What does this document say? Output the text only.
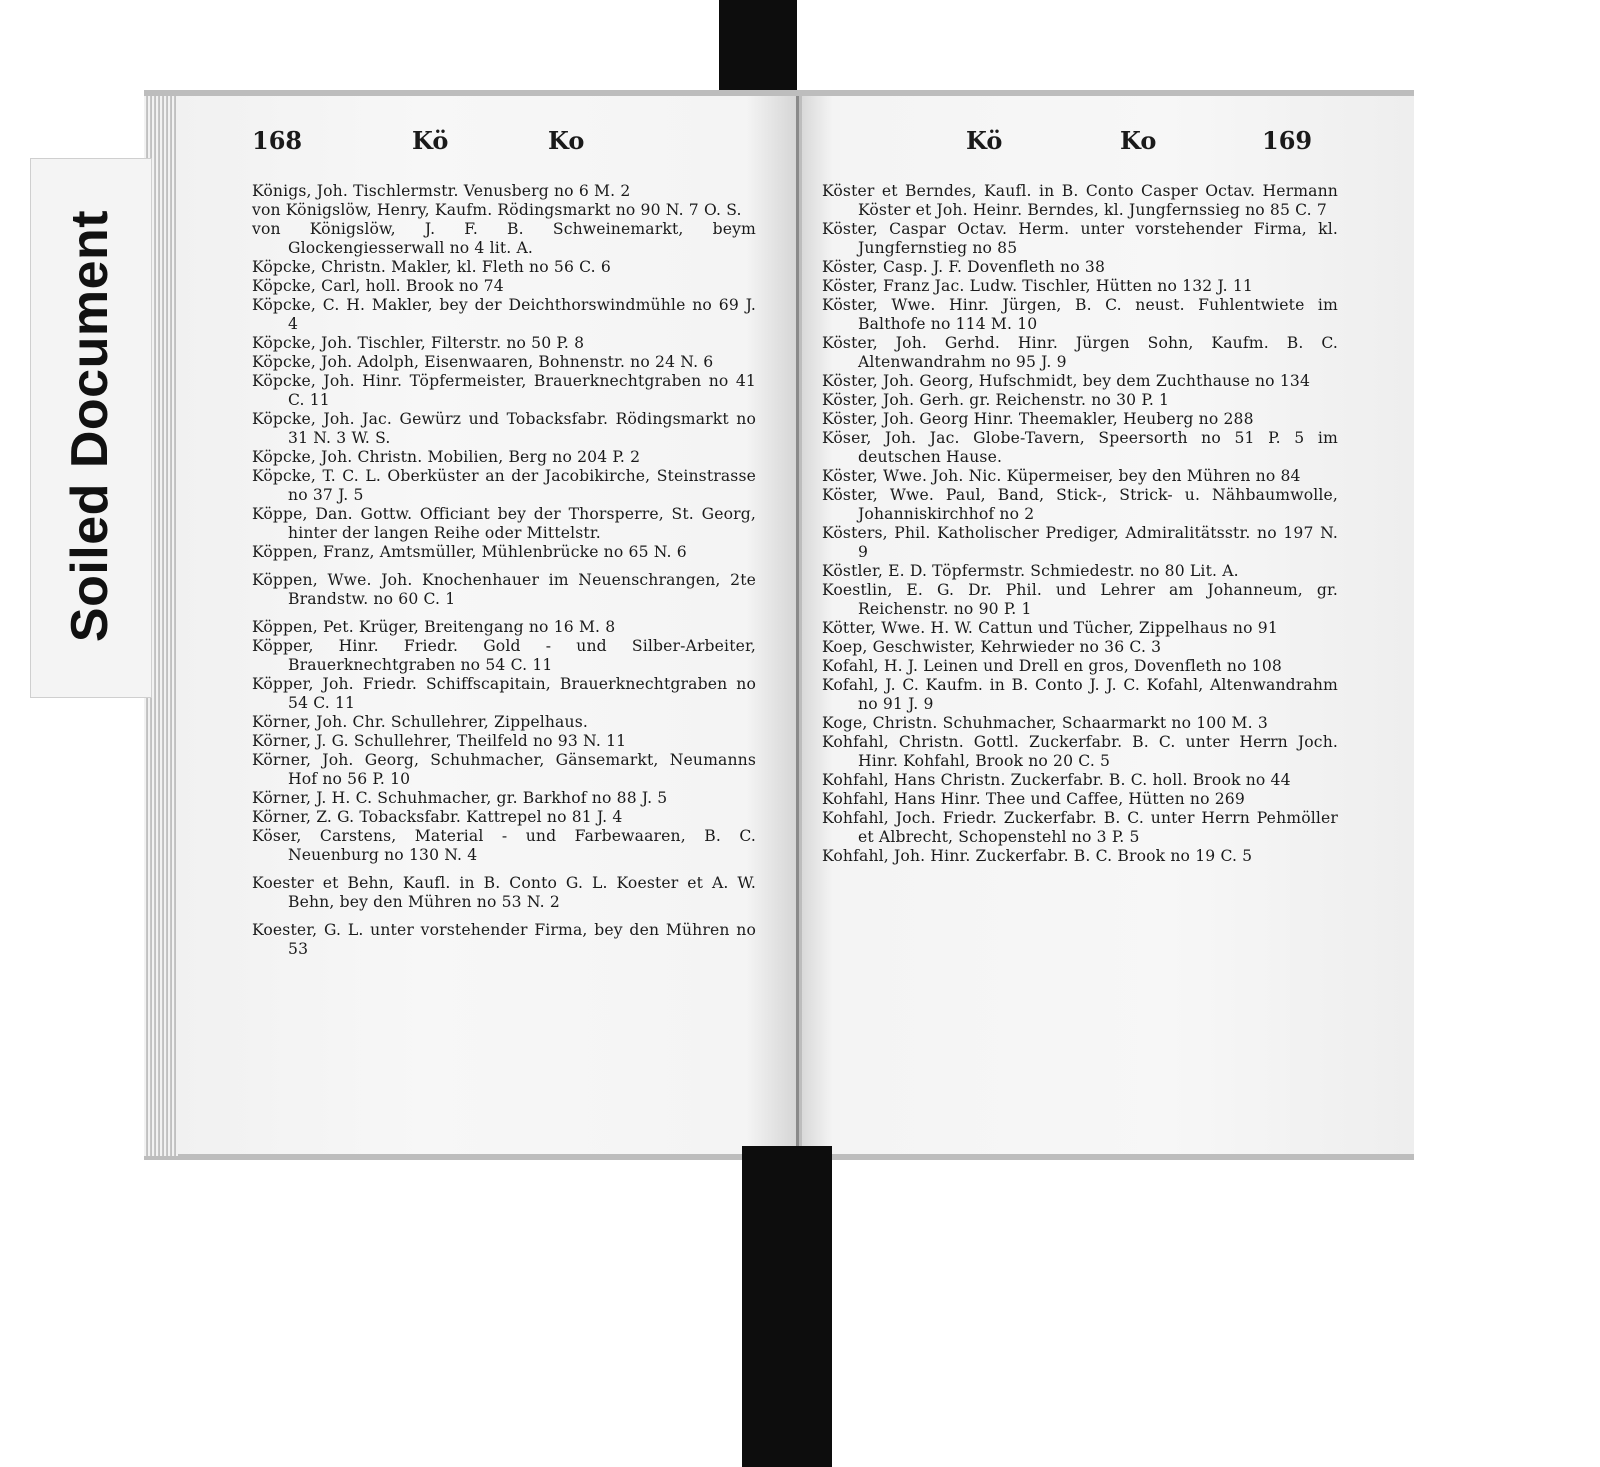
168	Kö	Ko

Königs, Joh. Tischlermstr. Venusberg no 6 M. 2

von Königslöw, Henry, Kaufm. Rödingsmarkt no 90 N. 7 O. S.

von Königslöw, J. F. B. Schweinemarkt, beym Glockengiesserwall no 4 lit. A.

Köpcke, Christn. Makler, kl. Fleth no 56 C. 6

Köpcke, Carl, holl. Brook no 74

Köpcke, C. H. Makler, bey der Deichthorswindmühle no 69 J. 4

Köpcke, Joh. Tischler, Filterstr. no 50 P. 8

Köpcke, Joh. Adolph, Eisenwaaren, Bohnenstr. no 24 N. 6

Köpcke, Joh. Hinr. Töpfermeister, Brauerknechtgraben no 41 C. 11

Köpcke, Joh. Jac. Gewürz und Tobacksfabr. Rödingsmarkt no 31 N. 3 W. S.

Köpcke, Joh. Christn. Mobilien, Berg no 204 P. 2

Köpcke, T. C. L. Oberküster an der Jacobikirche, Steinstrasse no 37 J. 5

Köppe, Dan. Gottw. Officiant bey der Thorsperre, St. Georg, hinter der langen Reihe oder Mittelstr.

Köppen, Franz, Amtsmüller, Mühlenbrücke no 65 N. 6

Köppen, Wwe. Joh. Knochenhauer im Neuenschrangen, 2te Brandstw. no 60 C. 1

Köppen, Pet. Krüger, Breitengang no 16 M. 8

Köpper, Hinr. Friedr. Gold - und Silber-Arbeiter, Brauerknechtgraben no 54 C. 11

Köpper, Joh. Friedr. Schiffscapitain, Brauerknechtgraben no 54 C. 11

Körner, Joh. Chr. Schullehrer, Zippelhaus.

Körner, J. G. Schullehrer, Theilfeld no 93 N. 11

Körner, Joh. Georg, Schuhmacher, Gänsemarkt, Neumanns Hof no 56 P. 10

Körner, J. H. C. Schuhmacher, gr. Barkhof no 88 J. 5

Körner, Z. G. Tobacksfabr. Kattrepel no 81 J. 4

Köser, Carstens, Material - und Farbewaaren, B. C. Neuenburg no 130 N. 4

Koester et Behn, Kaufl. in B. Conto G. L. Koester et A. W. Behn, bey den Mühren no 53 N. 2

Koester, G. L. unter vorstehender Firma, bey den Mühren no 53

Kö	Ko	169

Köster et Berndes, Kaufl. in B. Conto Casper Octav. Hermann Köster et Joh. Heinr. Berndes, kl. Jungfernssieg no 85 C. 7

Köster, Caspar Octav. Herm. unter vorstehender Firma, kl. Jungfernstieg no 85

Köster, Casp. J. F. Dovenfleth no 38

Köster, Franz Jac. Ludw. Tischler, Hütten no 132 J. 11

Köster, Wwe. Hinr. Jürgen, B. C. neust. Fuhlentwiete im Balthofe no 114 M. 10

Köster, Joh. Gerhd. Hinr. Jürgen Sohn, Kaufm. B. C. Altenwandrahm no 95 J. 9

Köster, Joh. Georg, Hufschmidt, bey dem Zuchthause no 134

Köster, Joh. Gerh. gr. Reichenstr. no 30 P. 1

Köster, Joh. Georg Hinr. Theemakler, Heuberg no 288

Köser, Joh. Jac. Globe-Tavern, Speersorth no 51 P. 5 im deutschen Hause.

Köster, Wwe. Joh. Nic. Küpermeiser, bey den Mühren no 84

Köster, Wwe. Paul, Band, Stick-, Strick- u. Nähbaumwolle, Johanniskirchhof no 2

Kösters, Phil. Katholischer Prediger, Admiralitätsstr. no 197 N. 9

Köstler, E. D. Töpfermstr. Schmiedestr. no 80 Lit. A.

Koestlin, E. G. Dr. Phil. und Lehrer am Johanneum, gr. Reichenstr. no 90 P. 1

Kötter, Wwe. H. W. Cattun und Tücher, Zippelhaus no 91

Koep, Geschwister, Kehrwieder no 36 C. 3

Kofahl, H. J. Leinen und Drell en gros, Dovenfleth no 108

Kofahl, J. C. Kaufm. in B. Conto J. J. C. Kofahl, Altenwandrahm no 91 J. 9

Koge, Christn. Schuhmacher, Schaarmarkt no 100 M. 3

Kohfahl, Christn. Gottl. Zuckerfabr. B. C. unter Herrn Joch. Hinr. Kohfahl, Brook no 20 C. 5

Kohfahl, Hans Christn. Zuckerfabr. B. C. holl. Brook no 44

Kohfahl, Hans Hinr. Thee und Caffee, Hütten no 269

Kohfahl, Joch. Friedr. Zuckerfabr. B. C. unter Herrn Pehmöller et Albrecht, Schopenstehl no 3 P. 5

Kohfahl, Joh. Hinr. Zuckerfabr. B. C. Brook no 19 C. 5

Soiled Document
